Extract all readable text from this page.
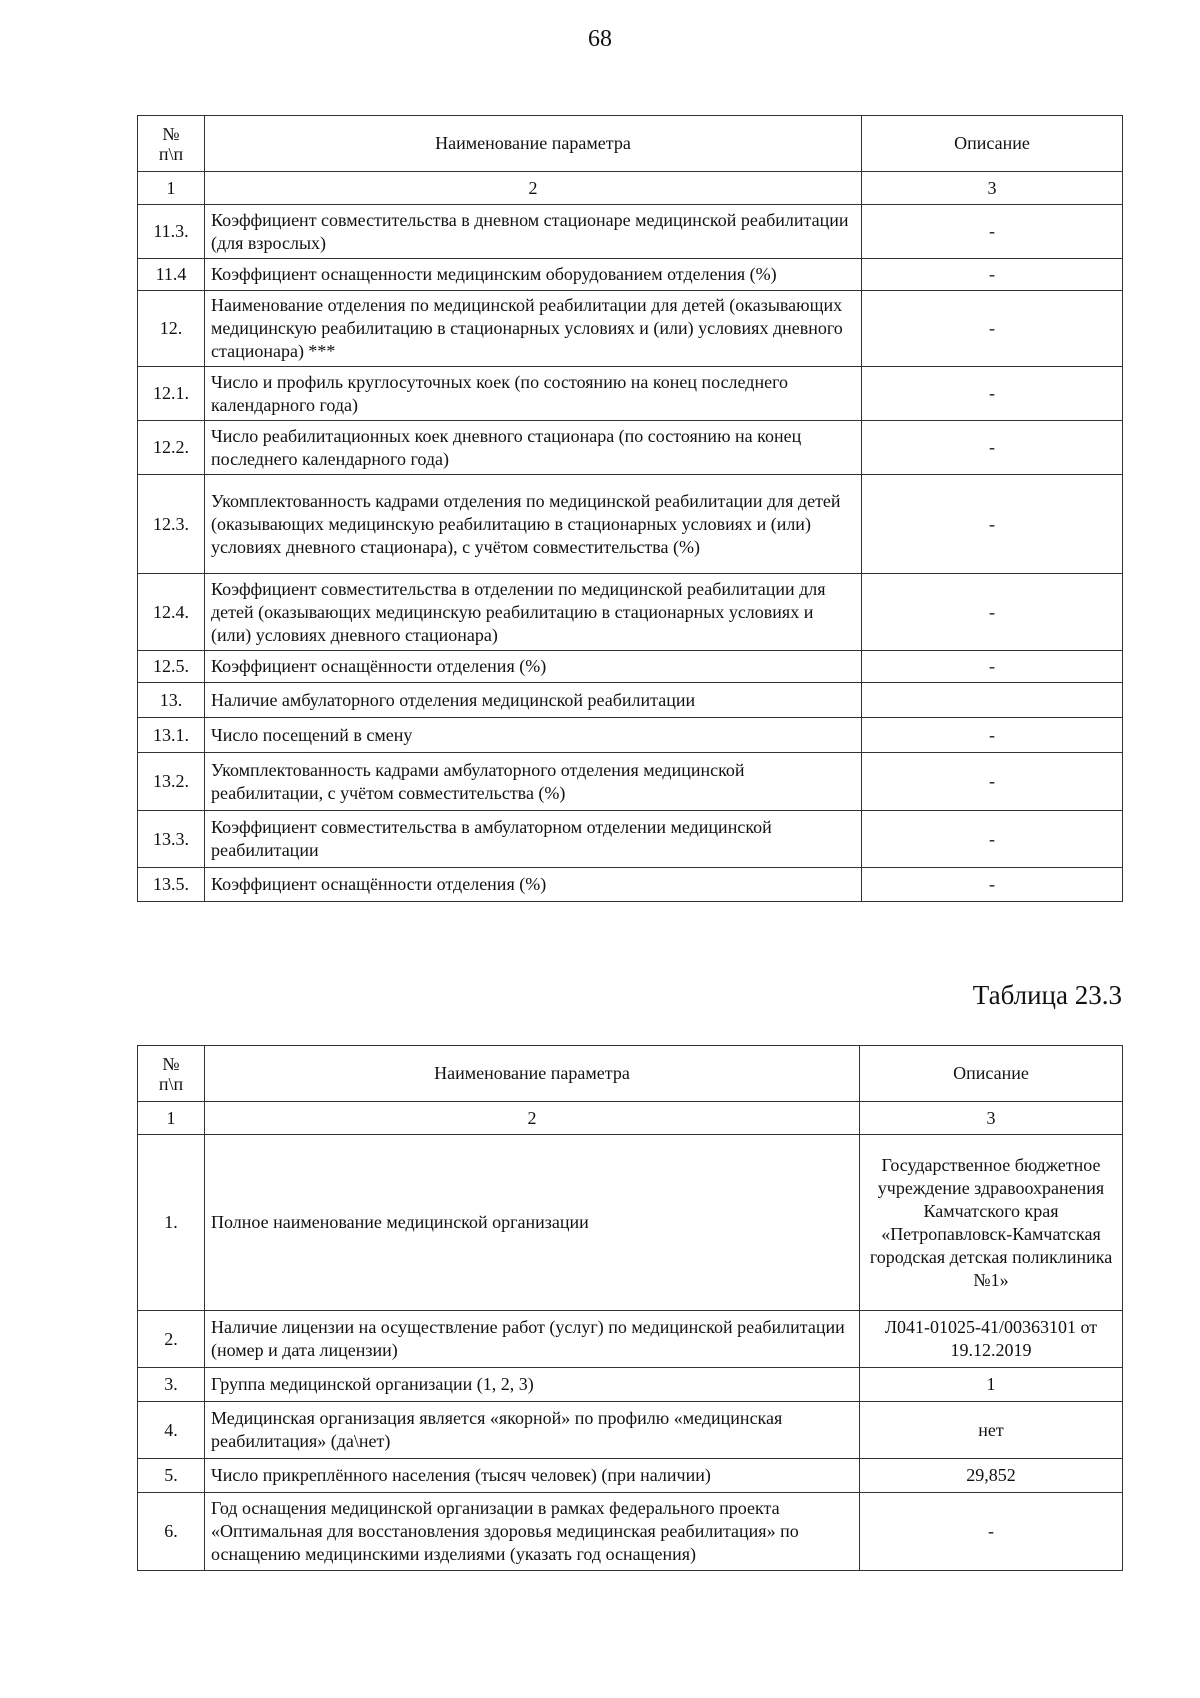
68
№
п\п	Наименование параметра	Описание
1	2	3
11.3.	Коэффициент совместительства в дневном стационаре медицинской реабилитации (для взрослых)	-
11.4	Коэффициент оснащенности медицинским оборудованием отделения (%)	-
12.	Наименование отделения по медицинской реабилитации для детей (оказывающих медицинскую реабилитацию в стационарных условиях и (или) условиях дневного стационара) ***	-
12.1.	Число и профиль круглосуточных коек (по состоянию на конец последнего календарного года)	-
12.2.	Число реабилитационных коек дневного стационара (по состоянию на конец последнего календарного года)	-
12.3.	Укомплектованность кадрами отделения по медицинской реабилитации для детей (оказывающих медицинскую реабилитацию в стационарных условиях и (или) условиях дневного стационара), с учётом совместительства (%)	-
12.4.	Коэффициент совместительства в отделении по медицинской реабилитации для детей (оказывающих медицинскую реабилитацию в стационарных условиях и (или) условиях дневного стационара)	-
12.5.	Коэффициент оснащённости отделения (%)	-
13.	Наличие амбулаторного отделения медицинской реабилитации	
13.1.	Число посещений в смену	-
13.2.	Укомплектованность кадрами амбулаторного отделения медицинской реабилитации, с учётом совместительства (%)	-
13.3.	Коэффициент совместительства в амбулаторном отделении медицинской реабилитации	-
13.5.	Коэффициент оснащённости отделения (%)	-
Таблица 23.3
№
п\п	Наименование параметра	Описание
1	2	3
1.	Полное наименование медицинской организации	Государственное бюджетное учреждение здравоохранения Камчатского края «Петропавловск-Камчатская городская детская поликлиника №1»
2.	Наличие лицензии на осуществление работ (услуг) по медицинской реабилитации (номер и дата лицензии)	Л041-01025-41/00363101 от 19.12.2019
3.	Группа медицинской организации (1, 2, 3)	1
4.	Медицинская организация является «якорной» по профилю «медицинская реабилитация» (да\нет)	нет
5.	Число прикреплённого населения (тысяч человек) (при наличии)	29,852
6.	Год оснащения медицинской организации в рамках федерального проекта «Оптимальная для восстановления здоровья медицинская реабилитация» по оснащению медицинскими изделиями (указать год оснащения)	-
